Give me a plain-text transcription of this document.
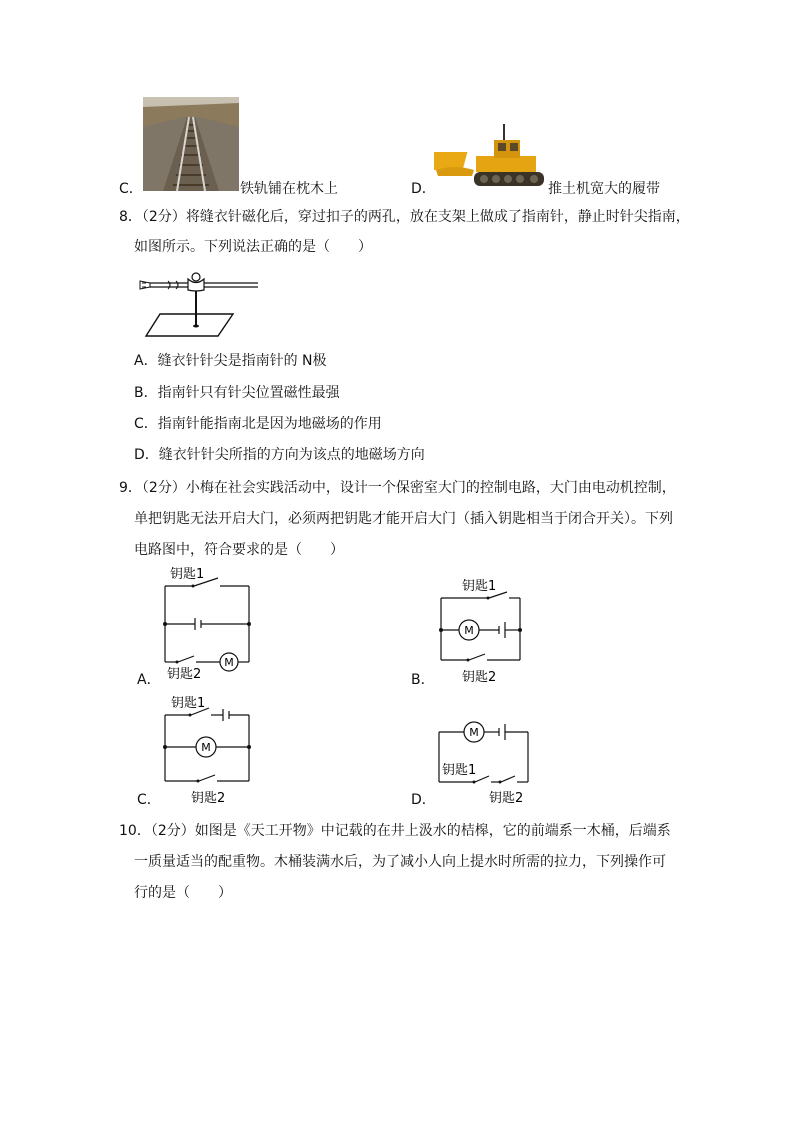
C．	铁轨铺在枕木上	D．	推土机宽大的履带
8．（2分）将缝衣针磁化后，穿过扣子的两孔，放在支架上做成了指南针，静止时针尖指南，
如图所示。下列说法正确的是（　　）
A．缝衣针针尖是指南针的 N极
B．指南针只有针尖位置磁性最强
C．指南针能指南北是因为地磁场的作用
D．缝衣针针尖所指的方向为该点的地磁场方向
9．（2分）小梅在社会实践活动中，设计一个保密室大门的控制电路，大门由电动机控制，
单把钥匙无法开启大门，必须两把钥匙才能开启大门（插入钥匙相当于闭合开关）。下列
电路图中，符合要求的是（　　）
M
钥匙1
钥匙2
A．
M
钥匙1
钥匙2
B．
M
钥匙1
钥匙2
C．
M
钥匙1
钥匙2
D．
10．（2分）如图是《天工开物》中记载的在井上汲水的桔槔，它的前端系一木桶，后端系
一质量适当的配重物。木桶装满水后，为了减小人向上提水时所需的拉力，下列操作可
行的是（　　）
